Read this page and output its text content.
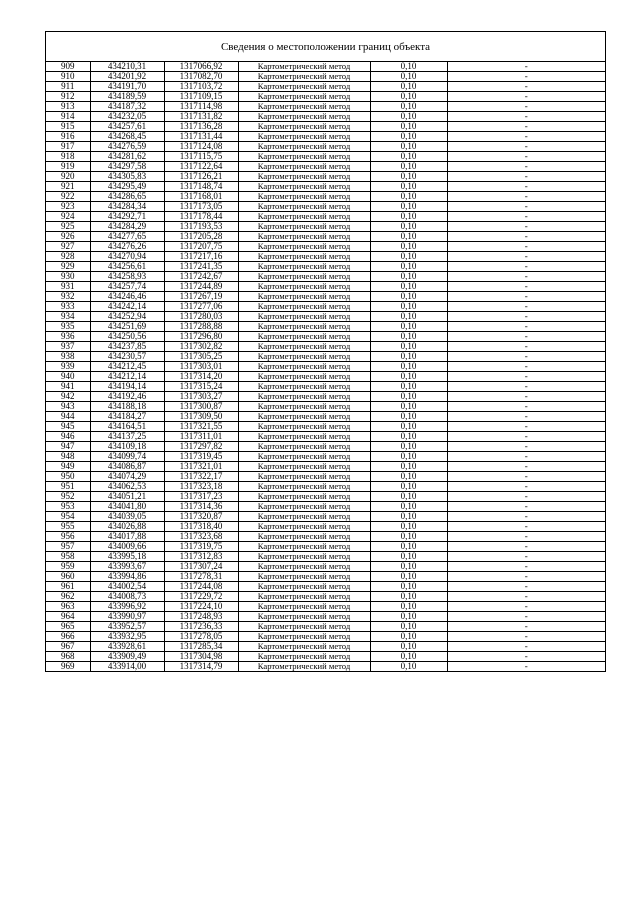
Сведения о местоположении границ объекта
909	434210,31	1317066,92	Картометрический метод	0,10	-
910	434201,92	1317082,70	Картометрический метод	0,10	-
911	434191,70	1317103,72	Картометрический метод	0,10	-
912	434189,59	1317109,15	Картометрический метод	0,10	-
913	434187,32	1317114,98	Картометрический метод	0,10	-
914	434232,05	1317131,82	Картометрический метод	0,10	-
915	434257,61	1317136,28	Картометрический метод	0,10	-
916	434268,45	1317131,44	Картометрический метод	0,10	-
917	434276,59	1317124,08	Картометрический метод	0,10	-
918	434281,62	1317115,75	Картометрический метод	0,10	-
919	434297,58	1317122,64	Картометрический метод	0,10	-
920	434305,83	1317126,21	Картометрический метод	0,10	-
921	434295,49	1317148,74	Картометрический метод	0,10	-
922	434286,65	1317168,01	Картометрический метод	0,10	-
923	434284,34	1317173,05	Картометрический метод	0,10	-
924	434292,71	1317178,44	Картометрический метод	0,10	-
925	434284,29	1317193,53	Картометрический метод	0,10	-
926	434277,65	1317205,28	Картометрический метод	0,10	-
927	434276,26	1317207,75	Картометрический метод	0,10	-
928	434270,94	1317217,16	Картометрический метод	0,10	-
929	434256,61	1317241,35	Картометрический метод	0,10	-
930	434258,93	1317242,67	Картометрический метод	0,10	-
931	434257,74	1317244,89	Картометрический метод	0,10	-
932	434246,46	1317267,19	Картометрический метод	0,10	-
933	434242,14	1317277,06	Картометрический метод	0,10	-
934	434252,94	1317280,03	Картометрический метод	0,10	-
935	434251,69	1317288,88	Картометрический метод	0,10	-
936	434250,56	1317296,80	Картометрический метод	0,10	-
937	434237,85	1317302,82	Картометрический метод	0,10	-
938	434230,57	1317305,25	Картометрический метод	0,10	-
939	434212,45	1317303,01	Картометрический метод	0,10	-
940	434212,14	1317314,20	Картометрический метод	0,10	-
941	434194,14	1317315,24	Картометрический метод	0,10	-
942	434192,46	1317303,27	Картометрический метод	0,10	-
943	434188,18	1317300,87	Картометрический метод	0,10	-
944	434184,27	1317309,50	Картометрический метод	0,10	-
945	434164,51	1317321,55	Картометрический метод	0,10	-
946	434137,25	1317311,01	Картометрический метод	0,10	-
947	434109,18	1317297,82	Картометрический метод	0,10	-
948	434099,74	1317319,45	Картометрический метод	0,10	-
949	434086,87	1317321,01	Картометрический метод	0,10	-
950	434074,29	1317322,17	Картометрический метод	0,10	-
951	434062,53	1317323,18	Картометрический метод	0,10	-
952	434051,21	1317317,23	Картометрический метод	0,10	-
953	434041,80	1317314,36	Картометрический метод	0,10	-
954	434039,05	1317320,87	Картометрический метод	0,10	-
955	434026,88	1317318,40	Картометрический метод	0,10	-
956	434017,88	1317323,68	Картометрический метод	0,10	-
957	434009,66	1317319,75	Картометрический метод	0,10	-
958	433995,18	1317312,83	Картометрический метод	0,10	-
959	433993,67	1317307,24	Картометрический метод	0,10	-
960	433994,86	1317278,31	Картометрический метод	0,10	-
961	434002,54	1317244,08	Картометрический метод	0,10	-
962	434008,73	1317229,72	Картометрический метод	0,10	-
963	433996,92	1317224,10	Картометрический метод	0,10	-
964	433990,97	1317248,93	Картометрический метод	0,10	-
965	433952,57	1317236,33	Картометрический метод	0,10	-
966	433932,95	1317278,05	Картометрический метод	0,10	-
967	433928,61	1317285,34	Картометрический метод	0,10	-
968	433909,49	1317304,98	Картометрический метод	0,10	-
969	433914,00	1317314,79	Картометрический метод	0,10	-
